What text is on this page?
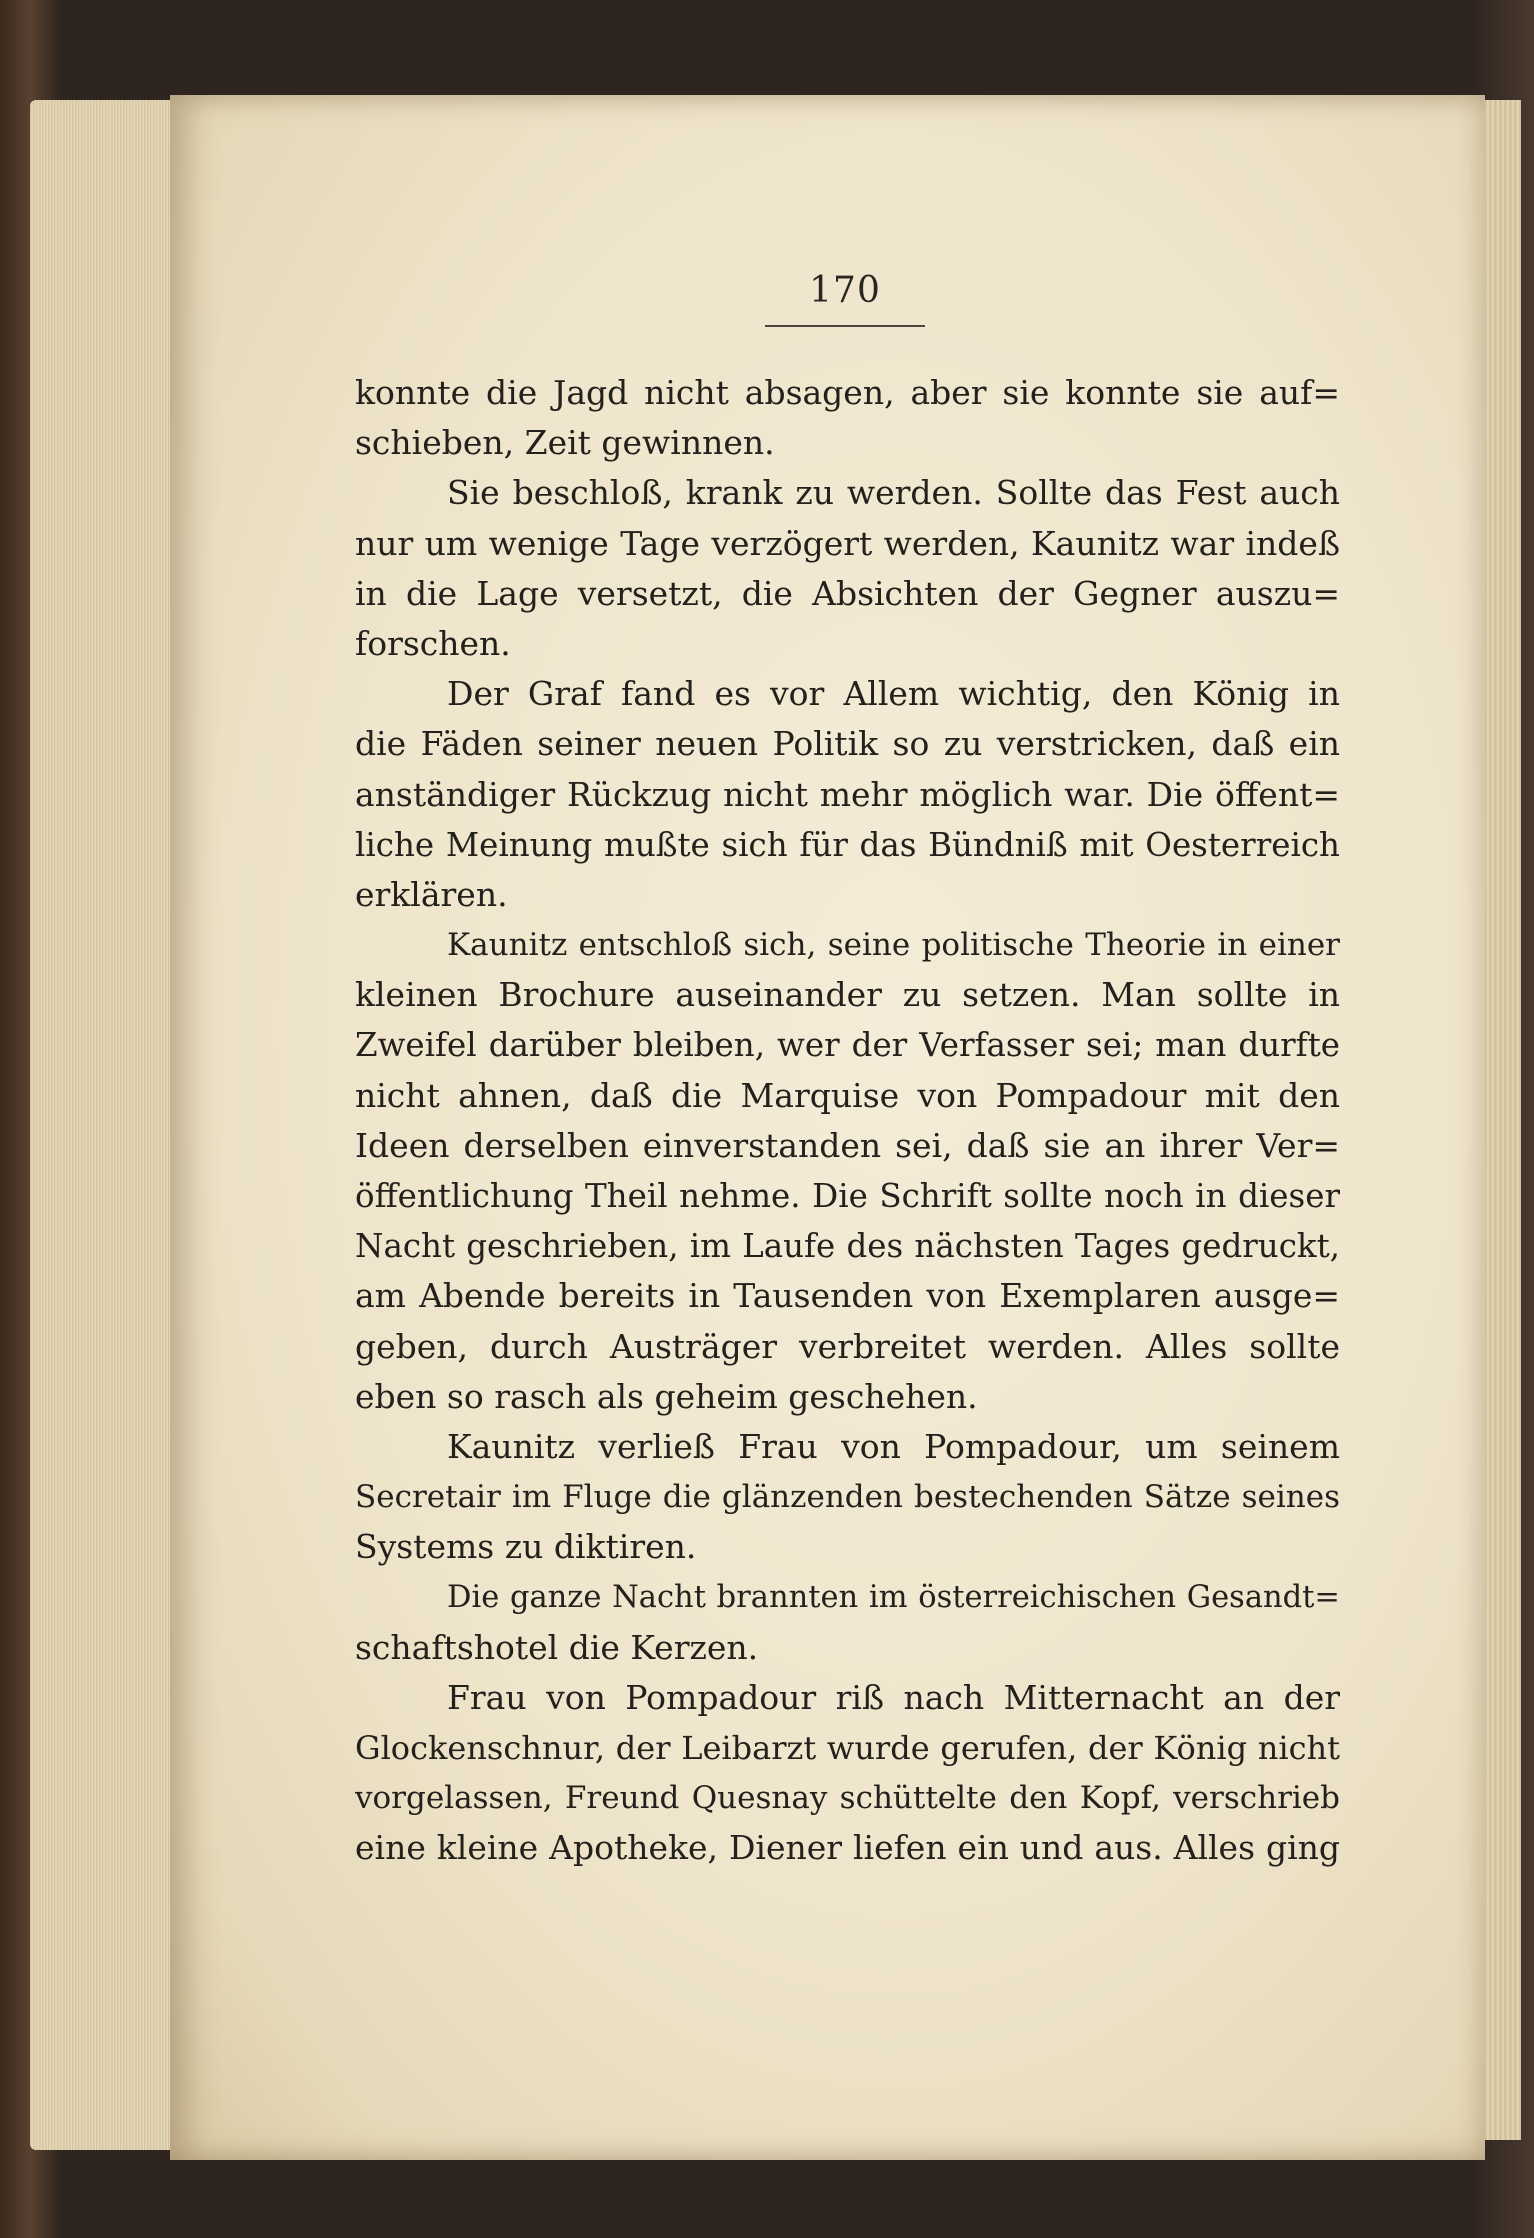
170
konnte die Jagd nicht absagen, aber sie konnte sie auf=
schieben, Zeit gewinnen.
Sie beschloß, krank zu werden. Sollte das Fest auch
nur um wenige Tage verzögert werden, Kaunitz war indeß
in die Lage versetzt, die Absichten der Gegner auszu=
forschen.
Der Graf fand es vor Allem wichtig, den König in
die Fäden seiner neuen Politik so zu verstricken, daß ein
anständiger Rückzug nicht mehr möglich war. Die öffent=
liche Meinung mußte sich für das Bündniß mit Oesterreich
erklären.
Kaunitz entschloß sich, seine politische Theorie in einer
kleinen Brochure auseinander zu setzen. Man sollte in
Zweifel darüber bleiben, wer der Verfasser sei; man durfte
nicht ahnen, daß die Marquise von Pompadour mit den
Ideen derselben einverstanden sei, daß sie an ihrer Ver=
öffentlichung Theil nehme. Die Schrift sollte noch in dieser
Nacht geschrieben, im Laufe des nächsten Tages gedruckt,
am Abende bereits in Tausenden von Exemplaren ausge=
geben, durch Austräger verbreitet werden. Alles sollte
eben so rasch als geheim geschehen.
Kaunitz verließ Frau von Pompadour, um seinem
Secretair im Fluge die glänzenden bestechenden Sätze seines
Systems zu diktiren.
Die ganze Nacht brannten im österreichischen Gesandt=
schaftshotel die Kerzen.
Frau von Pompadour riß nach Mitternacht an der
Glockenschnur, der Leibarzt wurde gerufen, der König nicht
vorgelassen, Freund Quesnay schüttelte den Kopf, verschrieb
eine kleine Apotheke, Diener liefen ein und aus. Alles ging
